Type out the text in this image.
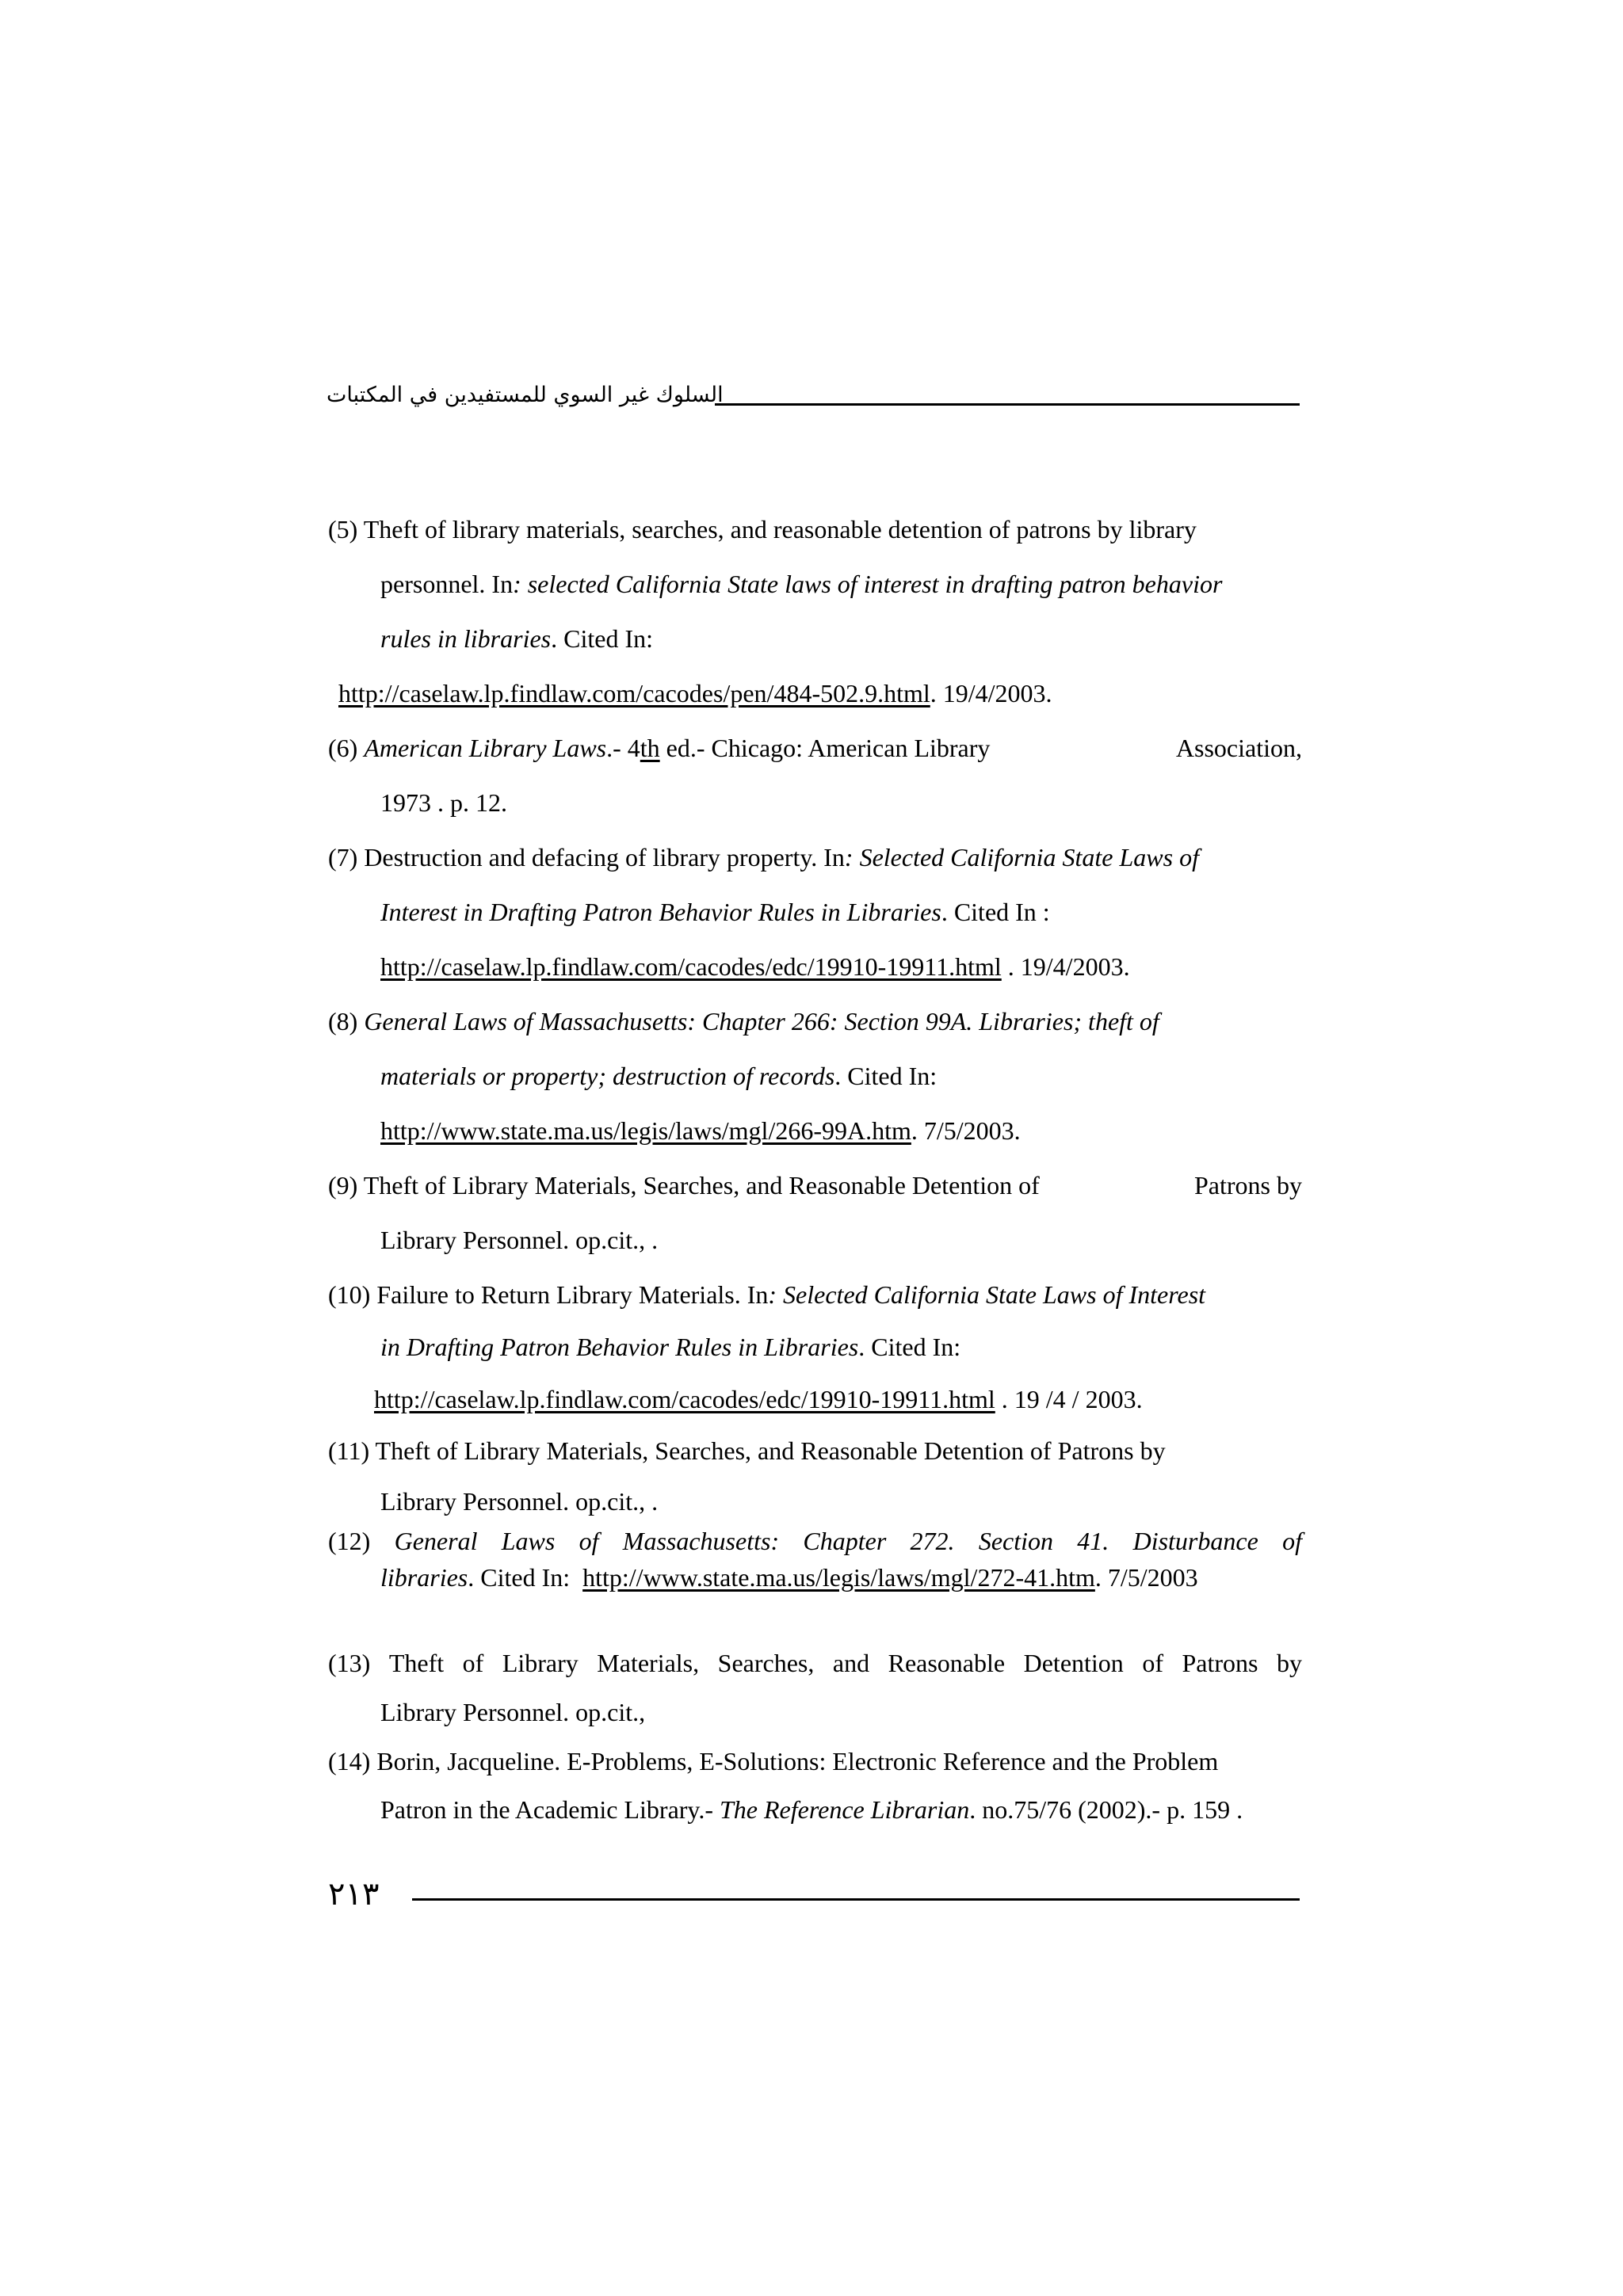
السلوك غير السوي للمستفيدين في المكتبات
(5) Theft of library materials, searches, and reasonable detention of patrons by library
personnel. In: selected California State laws of interest in drafting patron behavior
rules in libraries. Cited In:
http://caselaw.lp.findlaw.com/cacodes/pen/484-502.9.html. 19/4/2003.
(6) American Library Laws.- 4th ed.- Chicago: American Library	Association,
1973 . p. 12.
(7) Destruction and defacing of library property. In: Selected California State Laws of
Interest in Drafting Patron Behavior Rules in Libraries. Cited In :
http://caselaw.lp.findlaw.com/cacodes/edc/19910-19911.html . 19/4/2003.
(8) General Laws of Massachusetts: Chapter 266: Section 99A. Libraries; theft of
materials or property; destruction of records. Cited In:
http://www.state.ma.us/legis/laws/mgl/266-99A.htm. 7/5/2003.
(9) Theft of Library Materials, Searches, and Reasonable Detention of	Patrons by
Library Personnel. op.cit., .
(10) Failure to Return Library Materials. In: Selected California State Laws of Interest
in Drafting Patron Behavior Rules in Libraries. Cited In:
http://caselaw.lp.findlaw.com/cacodes/edc/19910-19911.html . 19 /4 / 2003.
(11) Theft of Library Materials, Searches, and Reasonable Detention of Patrons by
Library Personnel. op.cit., .
(12) General Laws of Massachusetts: Chapter 272. Section 41. Disturbance of
libraries. Cited In:  http://www.state.ma.us/legis/laws/mgl/272-41.htm. 7/5/2003
(13) Theft of Library Materials, Searches, and Reasonable Detention of Patrons by
Library Personnel. op.cit.,
(14) Borin, Jacqueline. E-Problems, E-Solutions: Electronic Reference and the Problem
Patron in the Academic Library.- The Reference Librarian. no.75/76 (2002).- p. 159 .
٢١٣
